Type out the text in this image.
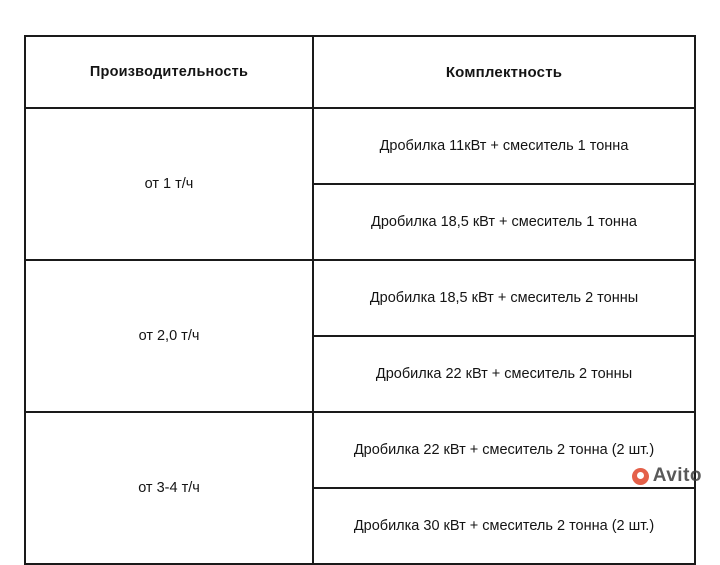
Производительность	Комплектность
от 1 т/ч	Дробилка 11кВт + смеситель 1 тонна
	Дробилка 18,5 кВт + смеситель 1 тонна
от 2,0 т/ч	Дробилка 18,5 кВт + смеситель 2 тонны
	Дробилка 22 кВт + смеситель 2 тонны
от 3-4 т/ч	Дробилка 22 кВт + смеситель 2 тонна (2 шт.)
	Дробилка 30 кВт + смеситель 2 тонна (2 шт.)
Avito
